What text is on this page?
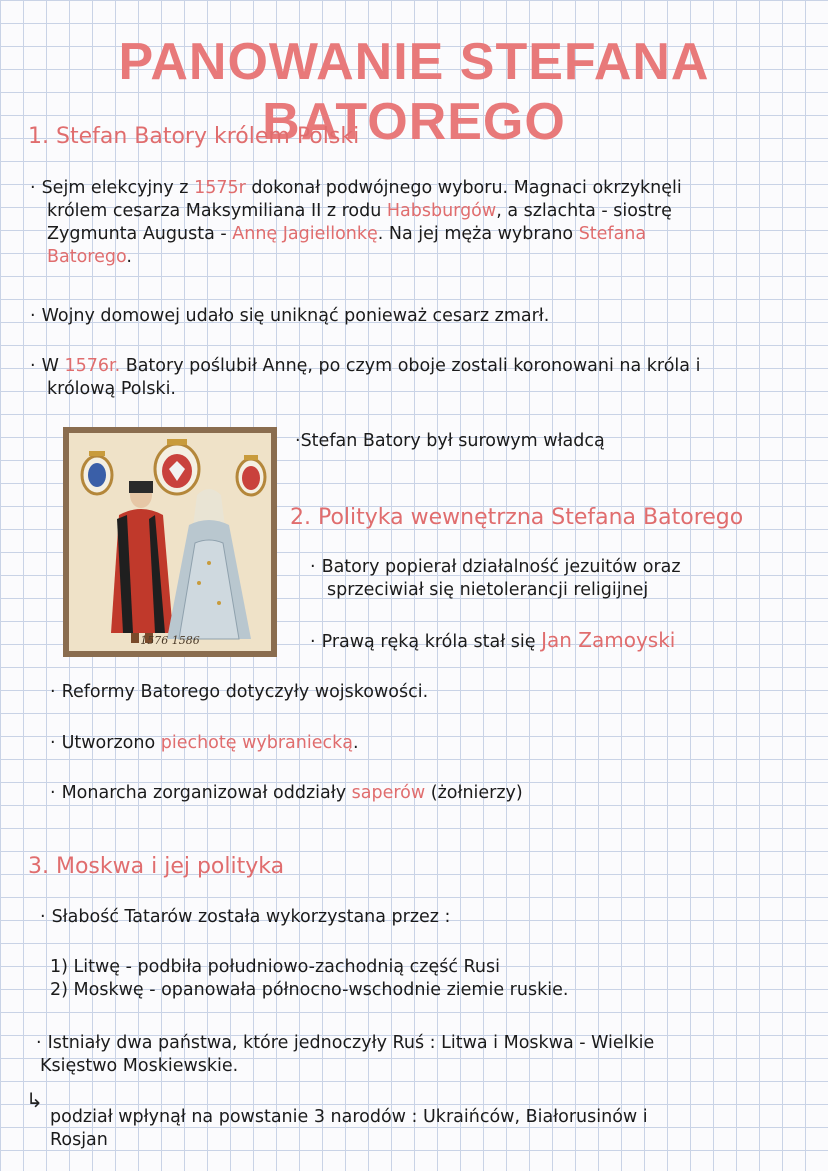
PANOWANIE STEFANA BATOREGO
1. Stefan Batory królem Polski
· Sejm elekcyjny z 1575r dokonał podwójnego wyboru. Magnaci okrzyknęli
królem cesarza Maksymiliana II z rodu Habsburgów, a szlachta - siostrę
Zygmunta Augusta - Annę Jagiellonkę. Na jej męża wybrano Stefana
Batorego.
· Wojny domowej udało się uniknąć ponieważ cesarz zmarł.
· W 1576r. Batory poślubił Annę, po czym oboje zostali koronowani na króla i
królową Polski.
1576 1586
·Stefan Batory był surowym władcą
2. Polityka wewnętrzna Stefana Batorego
· Batory popierał działalność jezuitów oraz
sprzeciwiał się nietolerancji religijnej
· Prawą ręką króla stał się Jan Zamoyski
· Reformy Batorego dotyczyły wojskowości.
· Utworzono piechotę wybraniecką.
· Monarcha zorganizował oddziały saperów (żołnierzy)
3. Moskwa i jej polityka
· Słabość Tatarów została wykorzystana przez :
1) Litwę - podbiła południowo-zachodnią część Rusi
2) Moskwę - opanowała północno-wschodnie ziemie ruskie.
· Istniały dwa państwa, które jednoczyły Ruś : Litwa i Moskwa - Wielkie
Księstwo Moskiewskie.
↳
podział wpłynął na powstanie 3 narodów : Ukraińców, Białorusinów i
Rosjan
